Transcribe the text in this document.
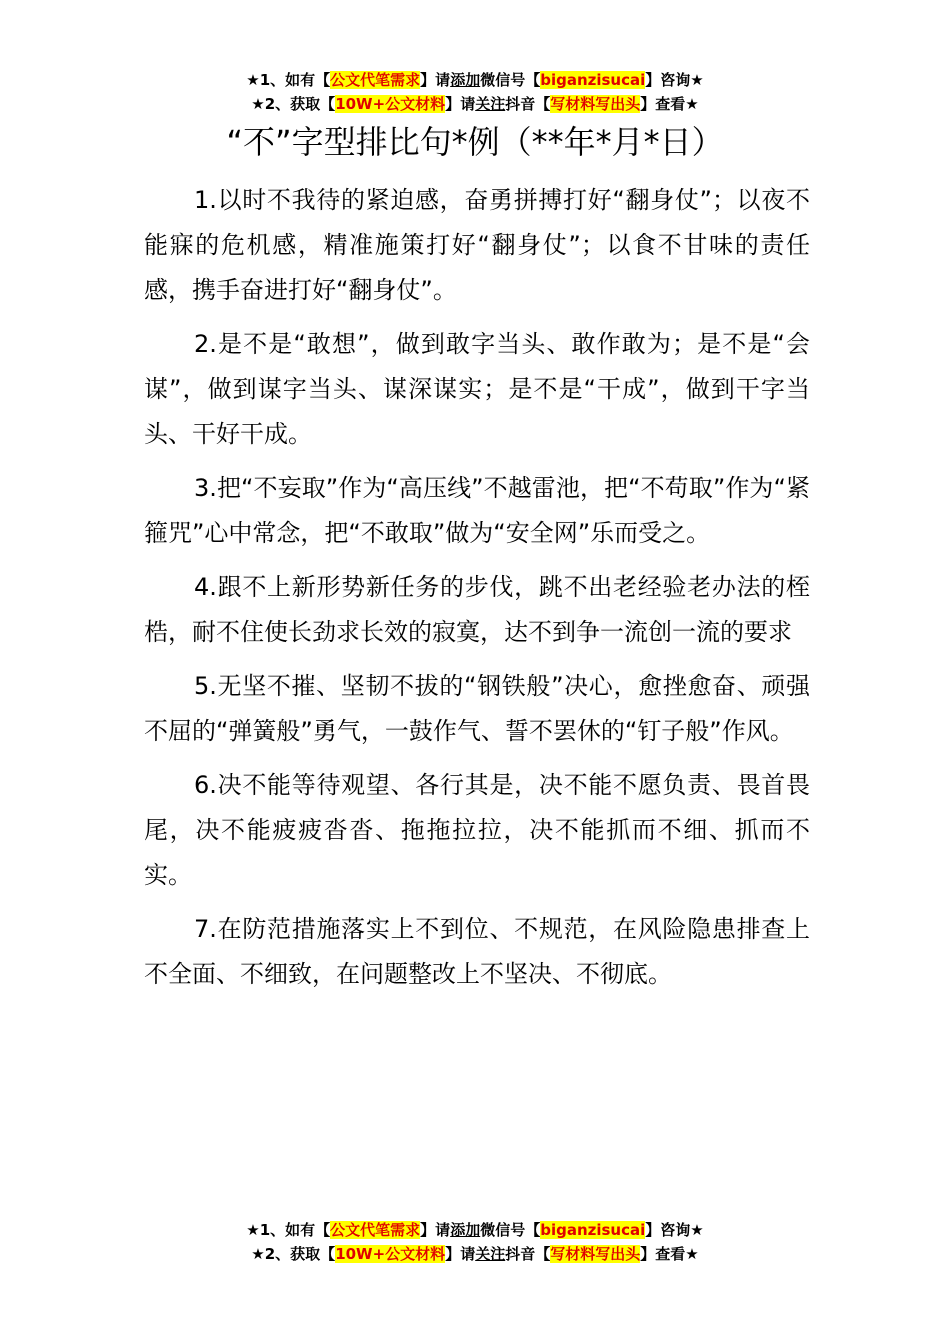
★1、如有【公文代笔需求】请添加微信号【biganzisucai】咨询★
★2、获取【10W+公文材料】请关注抖音【写材料写出头】查看★
“不”字型排比句*例（**年*月*日）

1.以时不我待的紧迫感，奋勇拼搏打好“翻身仗”；以夜不能寐的危机感，精准施策打好“翻身仗”；以食不甘味的责任感，携手奋进打好“翻身仗”。

2.是不是“敢想”，做到敢字当头、敢作敢为；是不是“会谋”，做到谋字当头、谋深谋实；是不是“干成”，做到干字当头、干好干成。

3.把“不妄取”作为“高压线”不越雷池，把“不苟取”作为“紧箍咒”心中常念，把“不敢取”做为“安全网”乐而受之。

4.跟不上新形势新任务的步伐，跳不出老经验老办法的桎梏，耐不住使长劲求长效的寂寞，达不到争一流创一流的要求

5.无坚不摧、坚韧不拔的“钢铁般”决心，愈挫愈奋、顽强不屈的“弹簧般”勇气，一鼓作气、誓不罢休的“钉子般”作风。

6.决不能等待观望、各行其是，决不能不愿负责、畏首畏尾，决不能疲疲沓沓、拖拖拉拉，决不能抓而不细、抓而不实。

7.在防范措施落实上不到位、不规范，在风险隐患排查上不全面、不细致，在问题整改上不坚决、不彻底。

★1、如有【公文代笔需求】请添加微信号【biganzisucai】咨询★
★2、获取【10W+公文材料】请关注抖音【写材料写出头】查看★
